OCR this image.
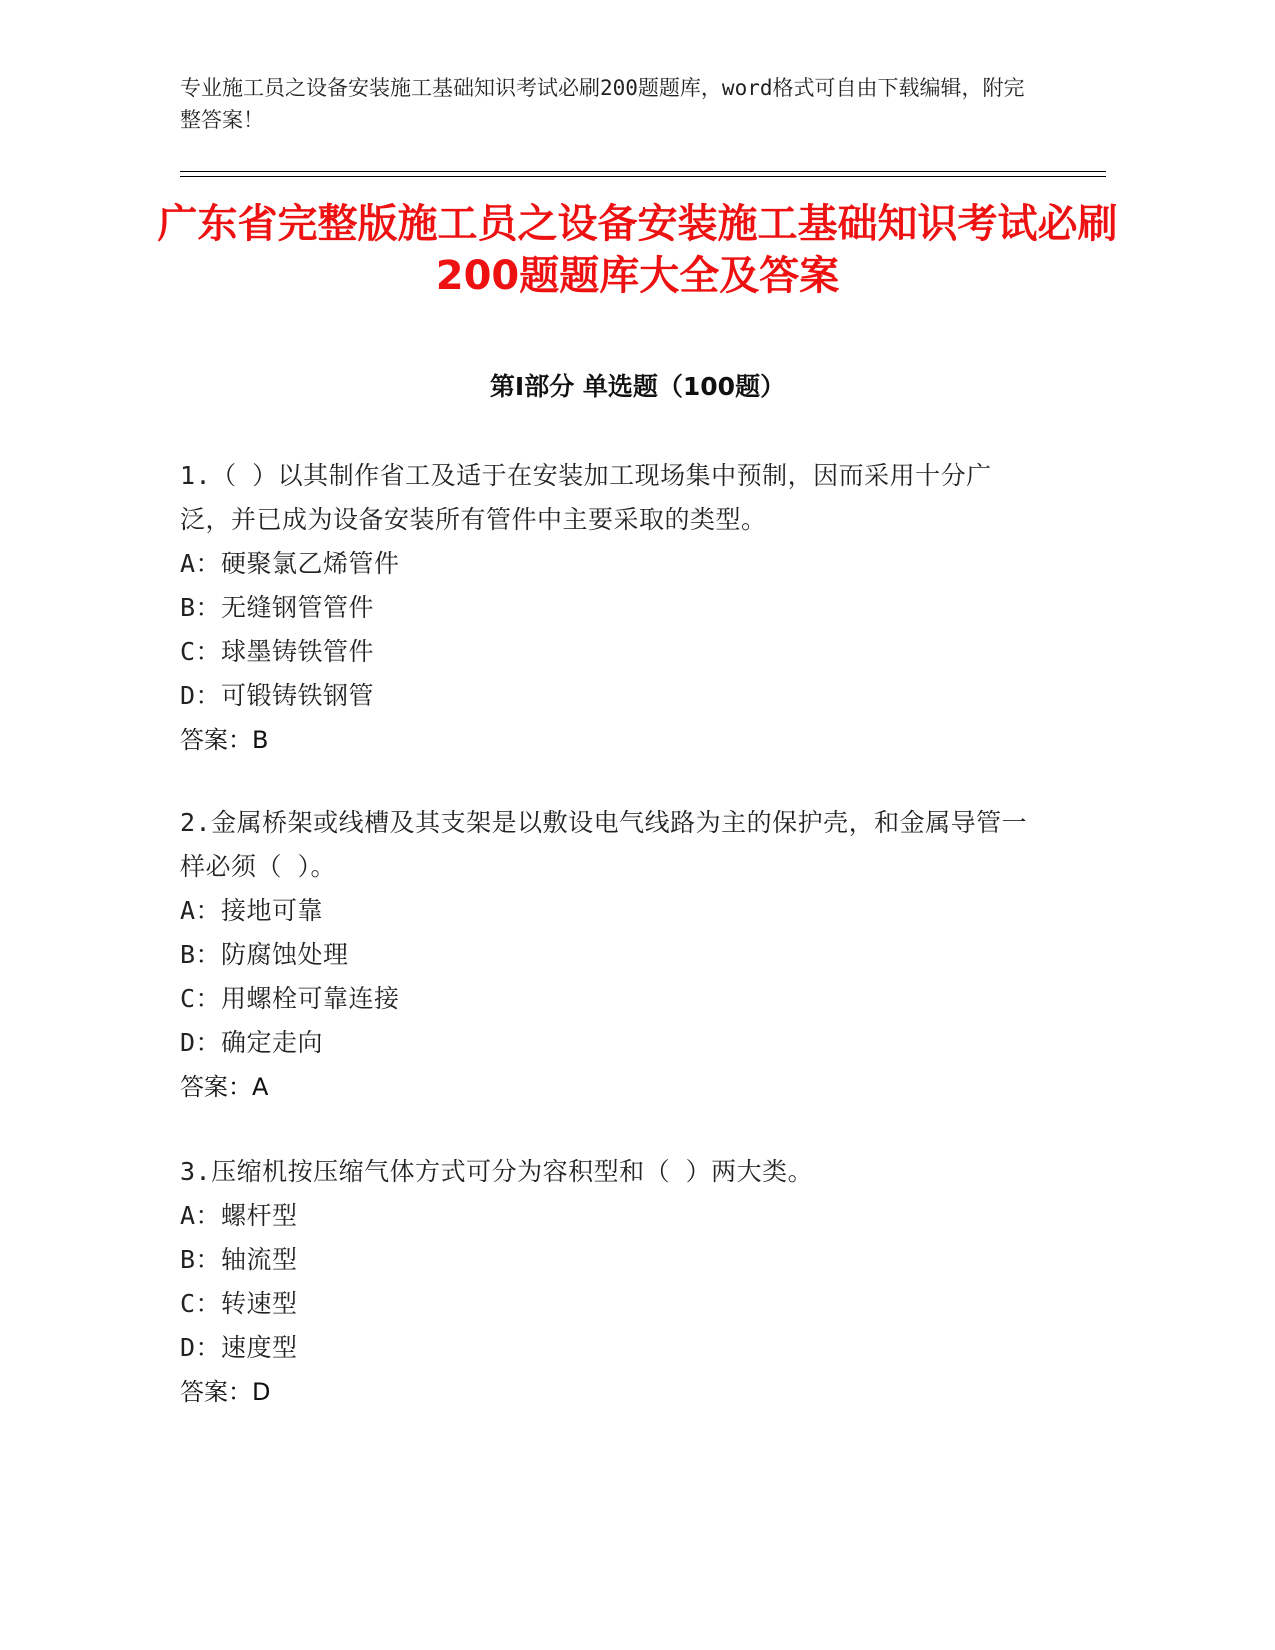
专业施工员之设备安装施工基础知识考试必刷200题题库，word格式可自由下载编辑，附完整答案！
广东省完整版施工员之设备安装施工基础知识考试必刷200题题库大全及答案
第Ⅰ部分 单选题（100题）
1.（ ）以其制作省工及适于在安装加工现场集中预制，因而采用十分广泛，并已成为设备安装所有管件中主要采取的类型。
A：硬聚氯乙烯管件
B：无缝钢管管件
C：球墨铸铁管件
D：可锻铸铁钢管
答案：B
2.金属桥架或线槽及其支架是以敷设电气线路为主的保护壳，和金属导管一样必须（ ）。
A：接地可靠
B：防腐蚀处理
C：用螺栓可靠连接
D：确定走向
答案：A
3.压缩机按压缩气体方式可分为容积型和（ ）两大类。
A：螺杆型
B：轴流型
C：转速型
D：速度型
答案：D
